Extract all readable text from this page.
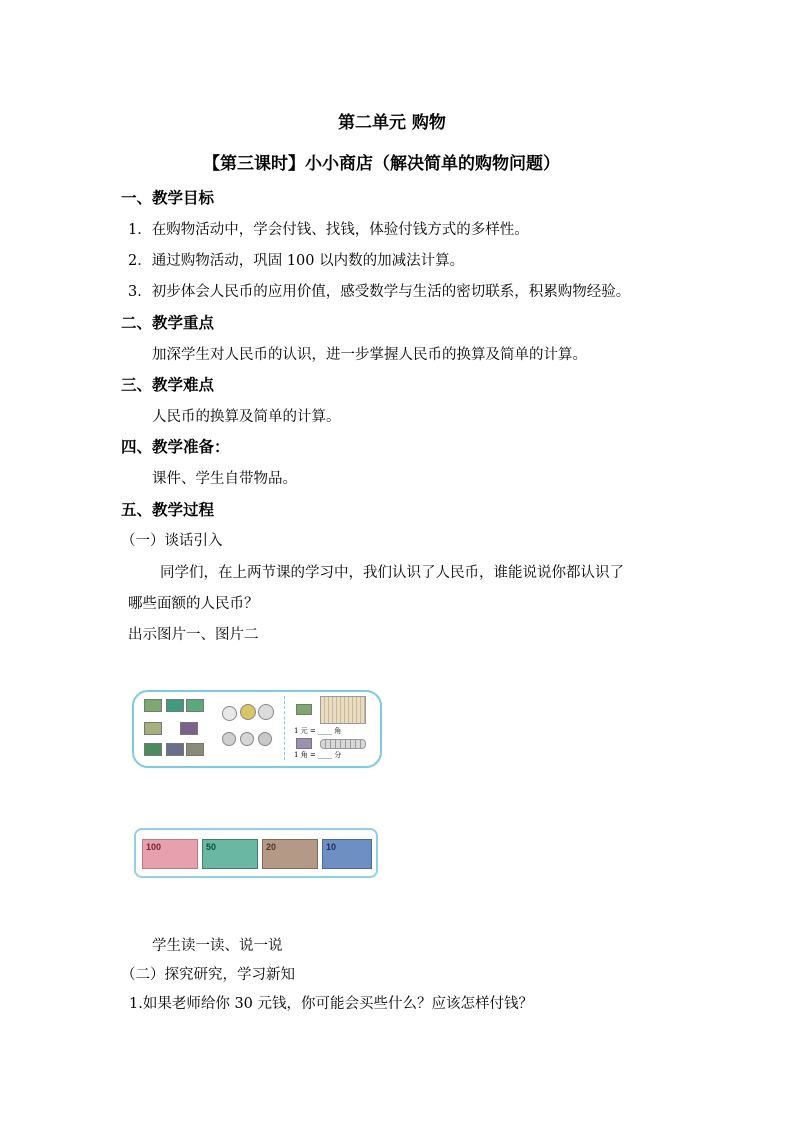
第二单元 购物
【第三课时】小小商店（解决简单的购物问题）
一、教学目标
1．在购物活动中，学会付钱、找钱，体验付钱方式的多样性。
2．通过购物活动，巩固 100 以内数的加减法计算。
3．初步体会人民币的应用价值，感受数学与生活的密切联系，积累购物经验。
二、教学重点
加深学生对人民币的认识，进一步掌握人民币的换算及简单的计算。
三、教学难点
人民币的换算及简单的计算。
四、教学准备：
课件、学生自带物品。
五、教学过程
（一）谈话引入
同学们，在上两节课的学习中，我们认识了人民币，谁能说说你都认识了
哪些面额的人民币？
出示图片一、图片二
1 元 = ____ 角
1 角 = ____ 分
100	50	20	10
学生读一读、说一说
（二）探究研究，学习新知
1.如果老师给你 30 元钱，你可能会买些什么？应该怎样付钱？
